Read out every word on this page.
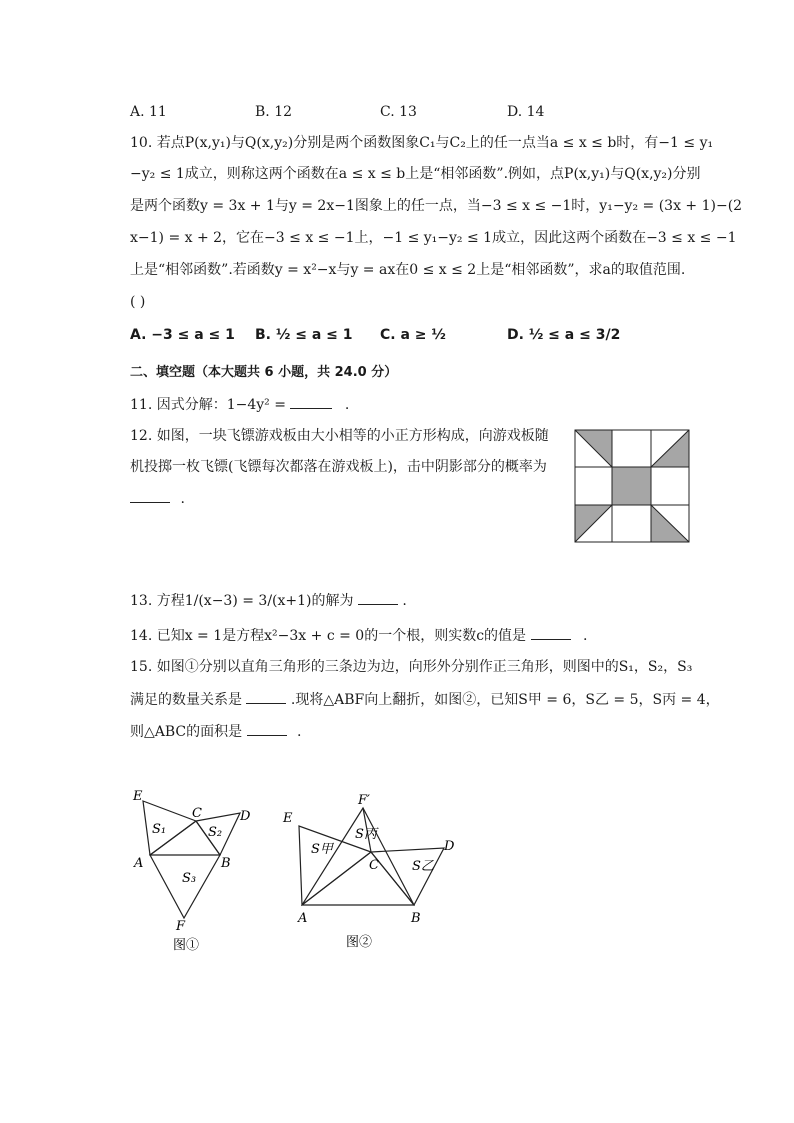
A. 11	B. 12	C. 13	D. 14
10. 若点P(x,y₁)与Q(x,y₂)分别是两个函数图象C₁与C₂上的任一点当a ≤ x ≤ b时，有−1 ≤ y₁
−y₂ ≤ 1成立，则称这两个函数在a ≤ x ≤ b上是“相邻函数”.例如，点P(x,y₁)与Q(x,y₂)分别
是两个函数y = 3x + 1与y = 2x−1图象上的任一点，当−3 ≤ x ≤ −1时，y₁−y₂ = (3x + 1)−(2
x−1) = x + 2，它在−3 ≤ x ≤ −1上，−1 ≤ y₁−y₂ ≤ 1成立，因此这两个函数在−3 ≤ x ≤ −1
上是“相邻函数”.若函数y = x²−x与y = ax在0 ≤ x ≤ 2上是“相邻函数”，求a的取值范围.
( )
A. −3 ≤ a ≤ 1 B. ½ ≤ a ≤ 1 C. a ≥ ½	D. ½ ≤ a ≤ 3/2
二、填空题（本大题共 6 小题，共 24.0 分）
11. 因式分解：1−4y² =	.
12. 如图，一块飞镖游戏板由大小相等的小正方形构成，向游戏板随
机投掷一枚飞镖(飞镖每次都落在游戏板上)，击中阴影部分的概率为
.
13. 方程1/(x−3) = 3/(x+1)的解为	.
14. 已知x = 1是方程x²−3x + c = 0的一个根，则实数c的值是	.
15. 如图①分别以直角三角形的三条边为边，向形外分别作正三角形，则图中的S₁，S₂，S₃
满足的数量关系是	.现将△ABF向上翻折，如图②，已知S甲 = 6，S乙 = 5，S丙 = 4，
则△ABC的面积是	.
E
C	D
S₁	S₂
A	B
S₃
F
图①
F′
E
S丙
S甲
C
D
S乙
A	B
图②
